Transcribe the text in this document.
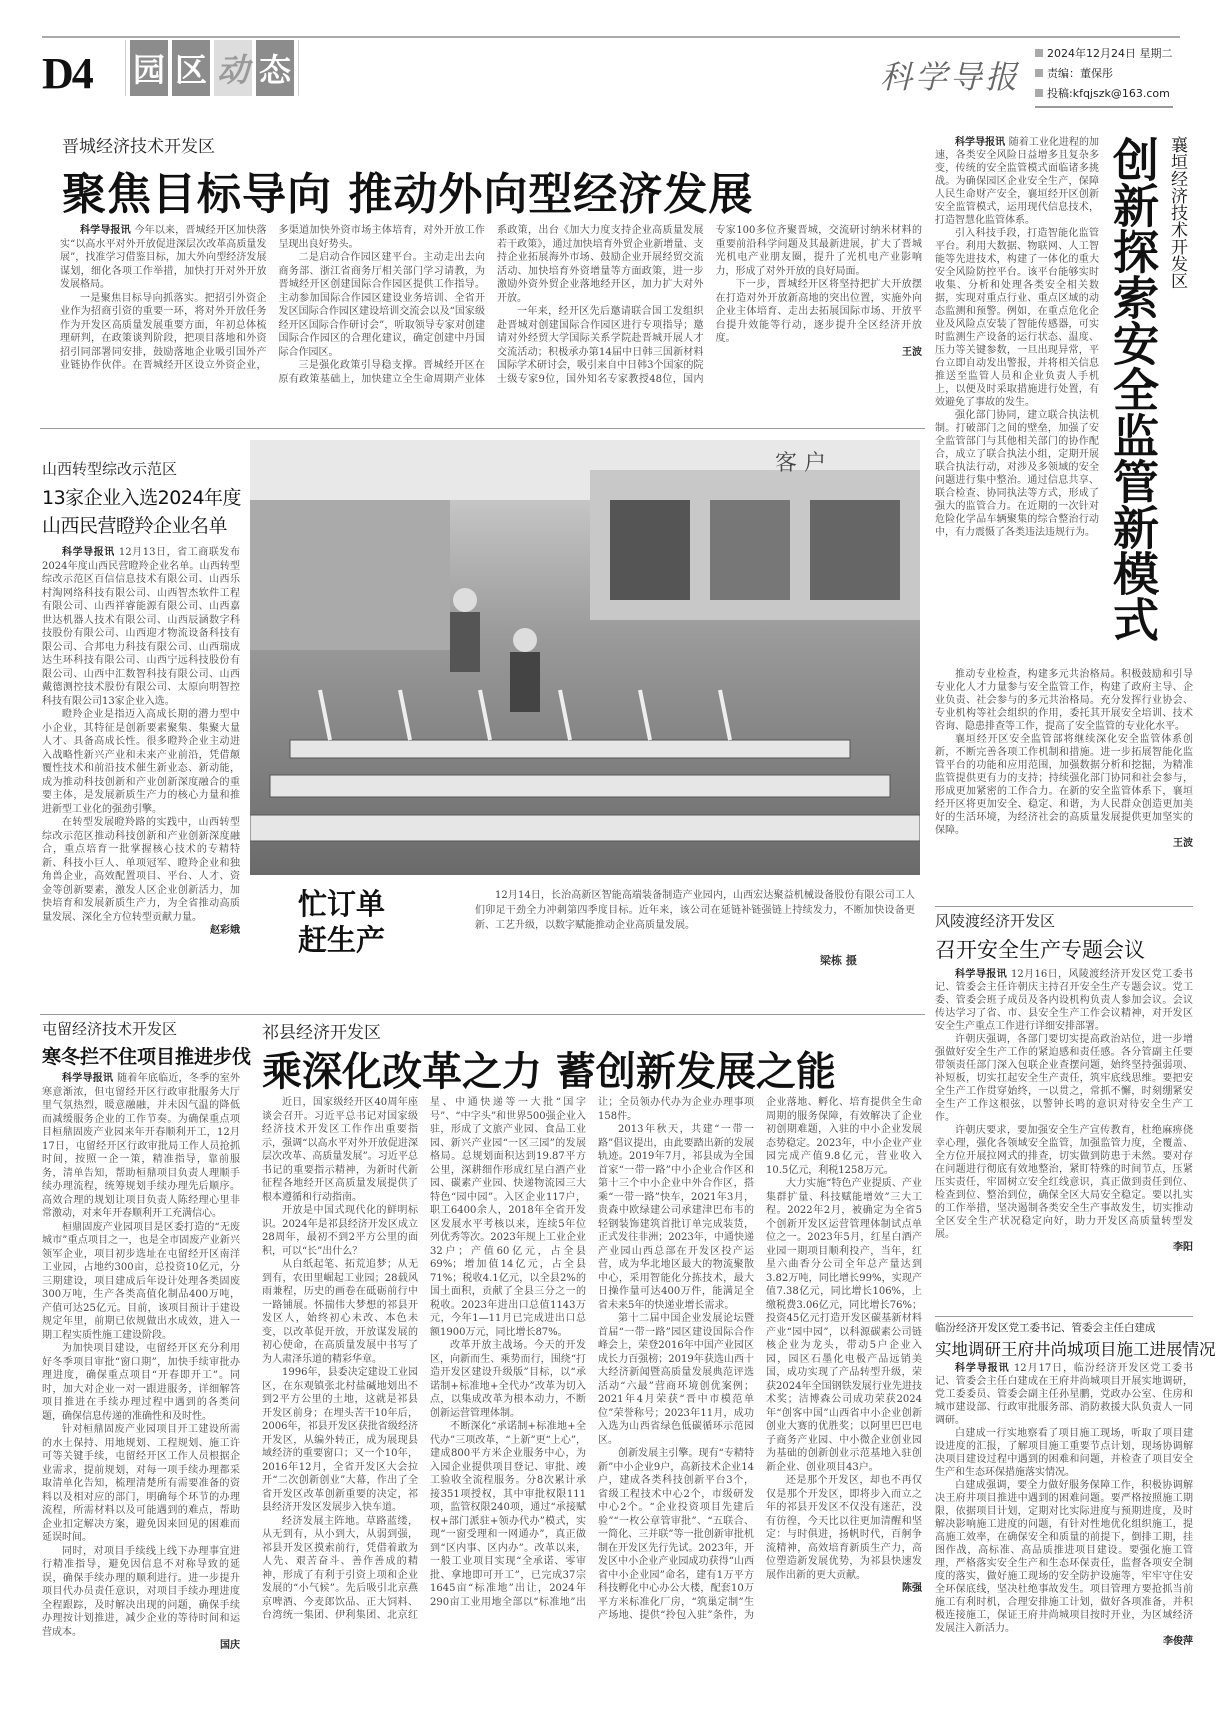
D4 园 区 动 态	科学导报
2024年12月24日 星期二
责编：董保彤
投稿:kfqjszk@163.com
晋城经济技术开发区
聚焦目标导向 推动外向型经济发展

科学导报讯 今年以来，晋城经开区加快落实“以高水平对外开放促进深层次改革高质量发展”，找准学习借鉴目标，加大外向型经济发展谋划，细化各项工作举措，加快打开对外开放发展格局。

一是聚焦目标导向抓落实。把招引外资企业作为招商引资的重要一环，将对外开放任务作为开发区高质量发展重要方面，年初总体梳理研判，在政策谈判阶段，把项目落地和外资招引同部署同安排，鼓励落地企业吸引国外产业链协作伙伴。在晋城经开区设立外资企业，多渠道加快外资市场主体培育，对外开放工作呈现出良好势头。

二是启动合作园区建平台。主动走出去向商务部、浙江省商务厅相关部门学习请教，为晋城经开区创建国际合作园区提供工作指导。主动参加国际合作园区建设业务培训、全省开发区国际合作园区建设培训交流会以及“国家级经开区国际合作研讨会”，听取领导专家对创建国际合作园区的合理化建议，确定创建中丹国际合作园区。

三是强化政策引导稳支撑。晋城经开区在原有政策基础上，加快建立全生命周期产业体系政策，出台《加大力度支持企业高质量发展若干政策》，通过加快培育外贸企业新增量、支持企业拓展海外市场、鼓励企业开展经贸交流活动、加快培育外资增量等方面政策，进一步激励外资外贸企业落地经开区，加力扩大对外开放。

一年来，经开区先后邀请联合国工发组织赴晋城对创建国际合作园区进行专项指导；邀请对外经贸大学国际关系学院赴晋城开展人才交流活动；积极承办第14届中日韩三国新材料国际学术研讨会，吸引来自中日韩3个国家的院士级专家9位，国外知名专家教授48位，国内专家100多位齐聚晋城，交流研讨纳米材料的重要前沿科学问题及其最新进展，扩大了晋城光机电产业朋友圈，提升了光机电产业影响力，形成了对外开放的良好局面。

下一步，晋城经开区将坚持把扩大开放摆在打造对外开放新高地的突出位置，实施外向企业主体培育、走出去拓展国际市场、开放平台提升效能等行动，逐步提升全区经济开放度。

王波

科学导报讯 随着工业化进程的加速，各类安全风险日益增多且复杂多变，传统的安全监管模式面临诸多挑战。为确保园区企业安全生产，保障人民生命财产安全，襄垣经开区创新安全监管模式，运用现代信息技术，打造智慧化监管体系。

引入科技手段，打造智能化监管平台。利用大数据、物联网、人工智能等先进技术，构建了一体化的重大安全风险防控平台。该平台能够实时收集、分析和处理各类安全相关数据，实现对重点行业、重点区域的动态监测和预警。例如，在重点危化企业及风险点安装了智能传感器，可实时监测生产设备的运行状态、温度、压力等关键参数，一旦出现异常，平台立即自动发出警报，并将相关信息推送至监管人员和企业负责人手机上，以便及时采取措施进行处置，有效避免了事故的发生。

强化部门协同，建立联合执法机制。打破部门之间的壁垒，加强了安全监管部门与其他相关部门的协作配合，成立了联合执法小组，定期开展联合执法行动，对涉及多领域的安全问题进行集中整治。通过信息共享、联合检查、协同执法等方式，形成了强大的监管合力。在近期的一次针对危险化学品车辆聚集的综合整治行动中，有力震慑了各类违法违规行为。 创新探索安全监管新模式 襄垣经济技术开发区

推动专业检查，构建多元共治格局。积极鼓励和引导专业化人才力量参与安全监管工作，构建了政府主导、企业负责、社会参与的多元共治格局。充分发挥行业协会、专业机构等社会组织的作用，委托其开展安全培训、技术咨询、隐患排查等工作，提高了安全监管的专业化水平。

襄垣经开区安全监管部将继续深化安全监管体系创新，不断完善各项工作机制和措施。进一步拓展智能化监管平台的功能和应用范围，加强数据分析和挖掘，为精准监管提供更有力的支持；持续强化部门协同和社会参与，形成更加紧密的工作合力。在新的安全监管体系下，襄垣经开区将更加安全、稳定、和谐，为人民群众创造更加美好的生活环境，为经济社会的高质量发展提供更加坚实的保障。

王波

山西转型综改示范区
13家企业入选2024年度
山西民营瞪羚企业名单

科学导报讯 12月13日，省工商联发布2024年度山西民营瞪羚企业名单。山西转型综改示范区百信信息技术有限公司、山西乐村淘网络科技有限公司、山西智杰软件工程有限公司、山西祥睿能源有限公司、山西嘉世达机器人技术有限公司、山西辰涵数字科技股份有限公司、山西迎才物流设备科技有限公司、合邦电力科技有限公司、山西瑞成达生环科技有限公司、山西宁远科技股份有限公司、山西中汇数智科技有限公司、山西戴德测控技术股份有限公司、太原向明智控科技有限公司13家企业入选。

瞪羚企业是指迈入高成长期的潜力型中小企业，其特征是创新要素聚集、集聚大量人才、具备高成长性。很多瞪羚企业主动进入战略性新兴产业和未来产业前沿，凭借颠覆性技术和前沿技术催生新业态、新动能，成为推动科技创新和产业创新深度融合的重要主体，是发展新质生产力的核心力量和推进新型工业化的强劲引擎。

在转型发展瞪羚路的实践中，山西转型综改示范区推动科技创新和产业创新深度融合，重点培育一批掌握核心技术的专精特新、科技小巨人、单项冠军、瞪羚企业和独角兽企业，高效配置项目、平台、人才、资金等创新要素，激发人区企业创新活力，加快培育和发展新质生产力，为全省推动高质量发展、深化全方位转型贡献力量。

赵彩娥

客 户
忙订单
赶生产
12月14日，长治高新区智能高端装备制造产业园内，山西宏达聚益机械设备股份有限公司工人们卯足干劲全力冲刺第四季度目标。近年来，该公司在延链补链强链上持续发力，不断加快设备更新、工艺升级，以数字赋能推动企业高质量发展。
梁栋 摄
屯留经济技术开发区
寒冬拦不住项目推进步伐

科学导报讯 随着年底临近，冬季的室外寒意渐浓，但屯留经开区行政审批服务大厅里气氛热烈，暖意融融，并未因气温的降低而减缓服务企业的工作节奏。为确保重点项目桓鼎固废产业园来年开春顺利开工，12月17日，屯留经开区行政审批局工作人员抢抓时间，按照一企一策，精准指导，靠前服务，清单告知，帮助桓鼎项目负责人理顺手续办理流程，统筹规划手续办理先后顺序。高效合理的规划让项目负责人陈经理心里非常激动，对来年开春顺利开工充满信心。

桓鼎固废产业园项目是区委打造的“无废城市”重点项目之一，也是全市固废产业新兴领军企业，项目初步选址在屯留经开区南洋工业园，占地约300亩，总投资10亿元，分三期建设，项目建成后年设计处理各类固废300万吨，生产各类高值化制品400万吨，产值可达25亿元。目前，该项目预计于建设规定年里，前期已依规做出水成效，进入一期工程实质性施工建设阶段。

为加快项目建设，屯留经开区充分利用好冬季项目审批“窗口期”，加快手续审批办理进度，确保重点项目“开春即开工”。同时，加大对企业一对一跟进服务，详细解答项目推进在手续办理过程中遇到的各类问题，确保信息传递的准确性和及时性。

针对桓鼎固废产业园项目开工建设所需的水土保持、用地规划、工程规划、施工许可等关键手续，屯留经开区工作人员根据企业需求，提前规划，对每一项手续办理都采取清单化告知，梳理清楚所有需要准备的资料以及相对应的部门，明确每个环节的办理流程，所需材料以及可能遇到的难点，帮助企业扣定解决方案，避免因来回见的困难而延误时间。

同时，对项目手续线上线下办理事宜进行精准指导，避免因信息不对称导致的延误，确保手续办理的顺利进行。进一步提升项目代办员责任意识，对项目手续办理进度全程跟踪，及时解决出现的问题，确保手续办理按计划推进，减少企业的等待时间和运营成本。

国庆

祁县经济开发区
乘深化改革之力 蓄创新发展之能

近日，国家级经开区40周年座谈会召开。习近平总书记对国家级经济技术开发区工作作出重要指示，强调“以高水平对外开放促进深层次改革、高质量发展”。习近平总书记的重要指示精神，为新时代新征程各地经开区高质量发展提供了根本遵循和行动指南。

开放是中国式现代化的鲜明标识。2024年是祁县经济开发区成立28周年，最初不到2平方公里的面积，可以“长”出什么？

从白纸起笔、拓荒追梦；从无到有，农田里崛起工业园；28载风雨兼程，历史的画卷在砥砺前行中一路铺展。怀揣伟大梦想的祁县开发区人，始终初心未改、本色未变，以改革促开放，开放谋发展的初心使命，在高质量发展中书写了为人肃泽乐道的精彩华章。

1996年，县委决定建设工业园区，在东观镇张北村盐碱地划出不到2平方公里的土地，这就是祁县开发区前身；在埋头苦干10年后，2006年，祁县开发区获批省级经济开发区，从编外转正，成为展现县域经济的重要窗口；又一个10年，2016年12月，全省开发区大会拉开“二次创新创业”大幕，作出了全省开发区改革创新重要的决定，祁县经济开发区发展步入快车道。

经济发展主阵地。草路蓝缕，从无到有，从小到大，从弱到强，祁县开发区摸索前行，凭借着敢为人先、艰苦奋斗、善作善成的精神，形成了有利于引资上项和企业发展的“小气候”。先后吸引北京燕京啤酒、今麦郎饮品、正大饲料、台湾统一集团、伊利集团、北京红星、中通快递等一大批“国字号”、“中字头”和世界500强企业入驻，形成了文旅产业园、食品工业园、新兴产业园“一区三园”的发展格局。总规划面积达到19.87平方公里，深耕细作形成红星白酒产业园、碳素产业园、快递物流园三大特色“园中园”。入区企业117户，职工6400余人，2018年全省开发区发展水平考核以来，连续5年位列优秀等次。2023年规上工业企业32户；产值60亿元，占全县69%；增加值14亿元，占全县71%；税收4.1亿元，以全县2%的国土面积，贡献了全县三分之一的税收。2023年进出口总值1143万元，今年1—11月已完成进出口总额1900万元，同比增长87%。

改革开放主战场。今天的开发区，向新而生、乘势而行，围绕“打造开发区建设升级版”目标，以“承诺制+标准地+全代办”改革为切入点，以集成改革为根本动力，不断创新运营管理体制。

不断深化“承诺制+标准地+全代办”三项改革，“上新”更“上心”，建成800平方米企业服务中心，为入园企业提供项目登记、审批、竣工验收全流程服务。分8次累计承接351项授权，其中审批权限111项，监管权限240项，通过“承接赋权+部门派驻+领办代办”模式，实现“一窗受理和一网通办”，真正做到“区内事、区内办”。改革以来，一般工业项目实现“全承诺、零审批、拿地即可开工”，已完成37宗1645亩“标准地”出让，2024年290亩工业用地全部以“标准地”出让；全员领办代办为企业办理事项158件。

2013年秋天，共建“一带一路”倡议提出，由此要踏出新的发展轨迹。2019年7月，祁县成为全国首家“一带一路”中小企业合作区和第十三个中小企业中外合作区，搭乘“一带一路”快车，2021年3月，贵森中欧绿建公司承建津巴布韦的轻钢装饰建筑首批订单完成装货，正式发往非洲；2023年，中通快递产业园山西总部在开发区投产运营，成为华北地区最大的物流聚散中心，采用智能化分拣技术，最大日操作量可达400万件，能满足全省未来5年的快递业增长需求。

第十二届中国企业发展论坛暨首届“一带一路”园区建设国际合作峰会上，荣登2016年中国产业园区成长力百强榜；2019年获选山西十大经济新闻暨高质量发展典范评选活动“六最”营商环境创优案例；2021年4月荣获“晋中市模范单位”荣誉称号；2023年11月，成功入选为山西省绿色低碳循环示范园区。

创新发展主引擎。现有“专精特新”中小企业9户，高新技术企业14户，建成各类科技创新平台3个，省级工程技术中心2个，市级研发中心2个。“企业投资项目先建后验”“一枚公章管审批”、“五联合、一简化、三并联”等一批创新审批机制在开发区先行先试。2023年，开发区中小企业产业园成功获得“山西省中小企业园”命名，建有1万平方科技孵化中心办公大楼，配套10万平方米标准化厂房，“筑巢定制”生产场地、提供“拎包入驻”条件，为企业落地、孵化、培育提供全生命周期的服务保障，有效解决了企业初创期难题，入驻的中小企业发展态势稳定。2023年，中小企业产业园完成产值9.8亿元，营业收入10.5亿元，利税1258万元。

大力实施“特色产业提质、产业集群扩量、科技赋能增效”三大工程。2022年2月，被确定为全省5个创新开发区运营管理体制试点单位之一。2023年5月，红星白酒产业园一期项目顺利投产，当年，红星六曲香分公司全年总产量达到3.82万吨，同比增长99%，实现产值7.38亿元，同比增长106%，上缴税费3.06亿元，同比增长76%；投资45亿元打造开发区碳基新材料产业“园中园”，以科源碳素公司链核企业为龙头，带动5户企业入园，园区石墨化电极产品远销美国，成功实现了产品转型升级，荣获2024年全国钢铁发展行业先进技术奖；洁博森公司成功荣获2024年“创客中国”山西省中小企业创新创业大赛的优胜奖；以阿里巴巴电子商务产业园、中小微企业创业园为基础的创新创业示范基地入驻创新企业、创业项目43户。

还是那个开发区，却也不再仅仅是那个开发区，即将步入而立之年的祁县开发区不仅没有迷茫，没有彷徨，今天比以往更加清醒和坚定：与时俱进，扬帆时代，百舸争流精神，高效培育新质生产力，高位塑造新发展优势，为祁县快速发展作出新的更大贡献。

陈强

风陵渡经济开发区
召开安全生产专题会议

科学导报讯 12月16日，风陵渡经济开发区党工委书记、管委会主任许朝庆主持召开安全生产专题会议。党工委、管委会班子成员及各内设机构负责人参加会议。会议传达学习了省、市、县安全生产工作会议精神，对开发区安全生产重点工作进行详细安排部署。

许朝庆强调，各部门要切实提高政治站位，进一步增强做好安全生产工作的紧迫感和责任感。各分管副主任要带领责任部门深入包联企业查摆问题，始终坚持强弱项、补短板，切实扛起安全生产责任，筑牢底线思维。要把安全生产工作贯穿始终，一以贯之，常抓不懈，时刻绷紧安全生产工作这根弦，以警钟长鸣的意识对待安全生产工作。

许朝庆要求，要加强安全生产宣传教育，杜绝麻痹侥幸心理，强化各领域安全监管，加强监管力度，全覆盖、全方位开展拉网式的排查，切实做到防患于未然。要对存在问题进行彻底有效地整治，紧盯特殊的时间节点，压紧压实责任，牢固树立安全红线意识，真正做到责任到位、检查到位、整治到位，确保全区大局安全稳定。要以扎实的工作举措，坚决遏制各类安全生产事故发生，切实推动全区安全生产状况稳定向好，助力开发区高质量转型发展。

李阳

临汾经济开发区党工委书记、管委会主任白建成
实地调研王府井尚城项目施工进展情况

科学导报讯 12月17日，临汾经济开发区党工委书记、管委会主任白建成在王府井尚城项目开展实地调研，党工委委员、管委会副主任孙星鹏，党政办公室、住房和城市建设部、行政审批服务部、消防救援大队负责人一同调研。

白建成一行实地察看了项目施工现场，听取了项目建设进度的汇报，了解项目施工重要节点计划，现场协调解决项目建设过程中遇到的困难和问题，并检查了项目安全生产和生态环保措施落实情况。

白建成强调，要全力做好服务保障工作，积极协调解决王府井项目推进中遇到的困难问题。要严格按照施工期限，依据项目计划，定期对比实际进度与预期进度，及时解决影响施工进度的问题，有针对性地优化组织施工，提高施工效率，在确保安全和质量的前提下，倒排工期，挂图作战，高标准、高品质推进项目建设。要强化施工管理，严格落实安全生产和生态环保责任，监督各项安全制度的落实，做好施工现场的安全防护设施等，牢牢守住安全环保底线，坚决杜绝事故发生。项目管理方要抢抓当前施工有利时机，合理安排施工计划，做好各项准备，并积极连接施工，保证王府井尚城项目按时开业，为区域经济发展注入新活力。

李俊萍
